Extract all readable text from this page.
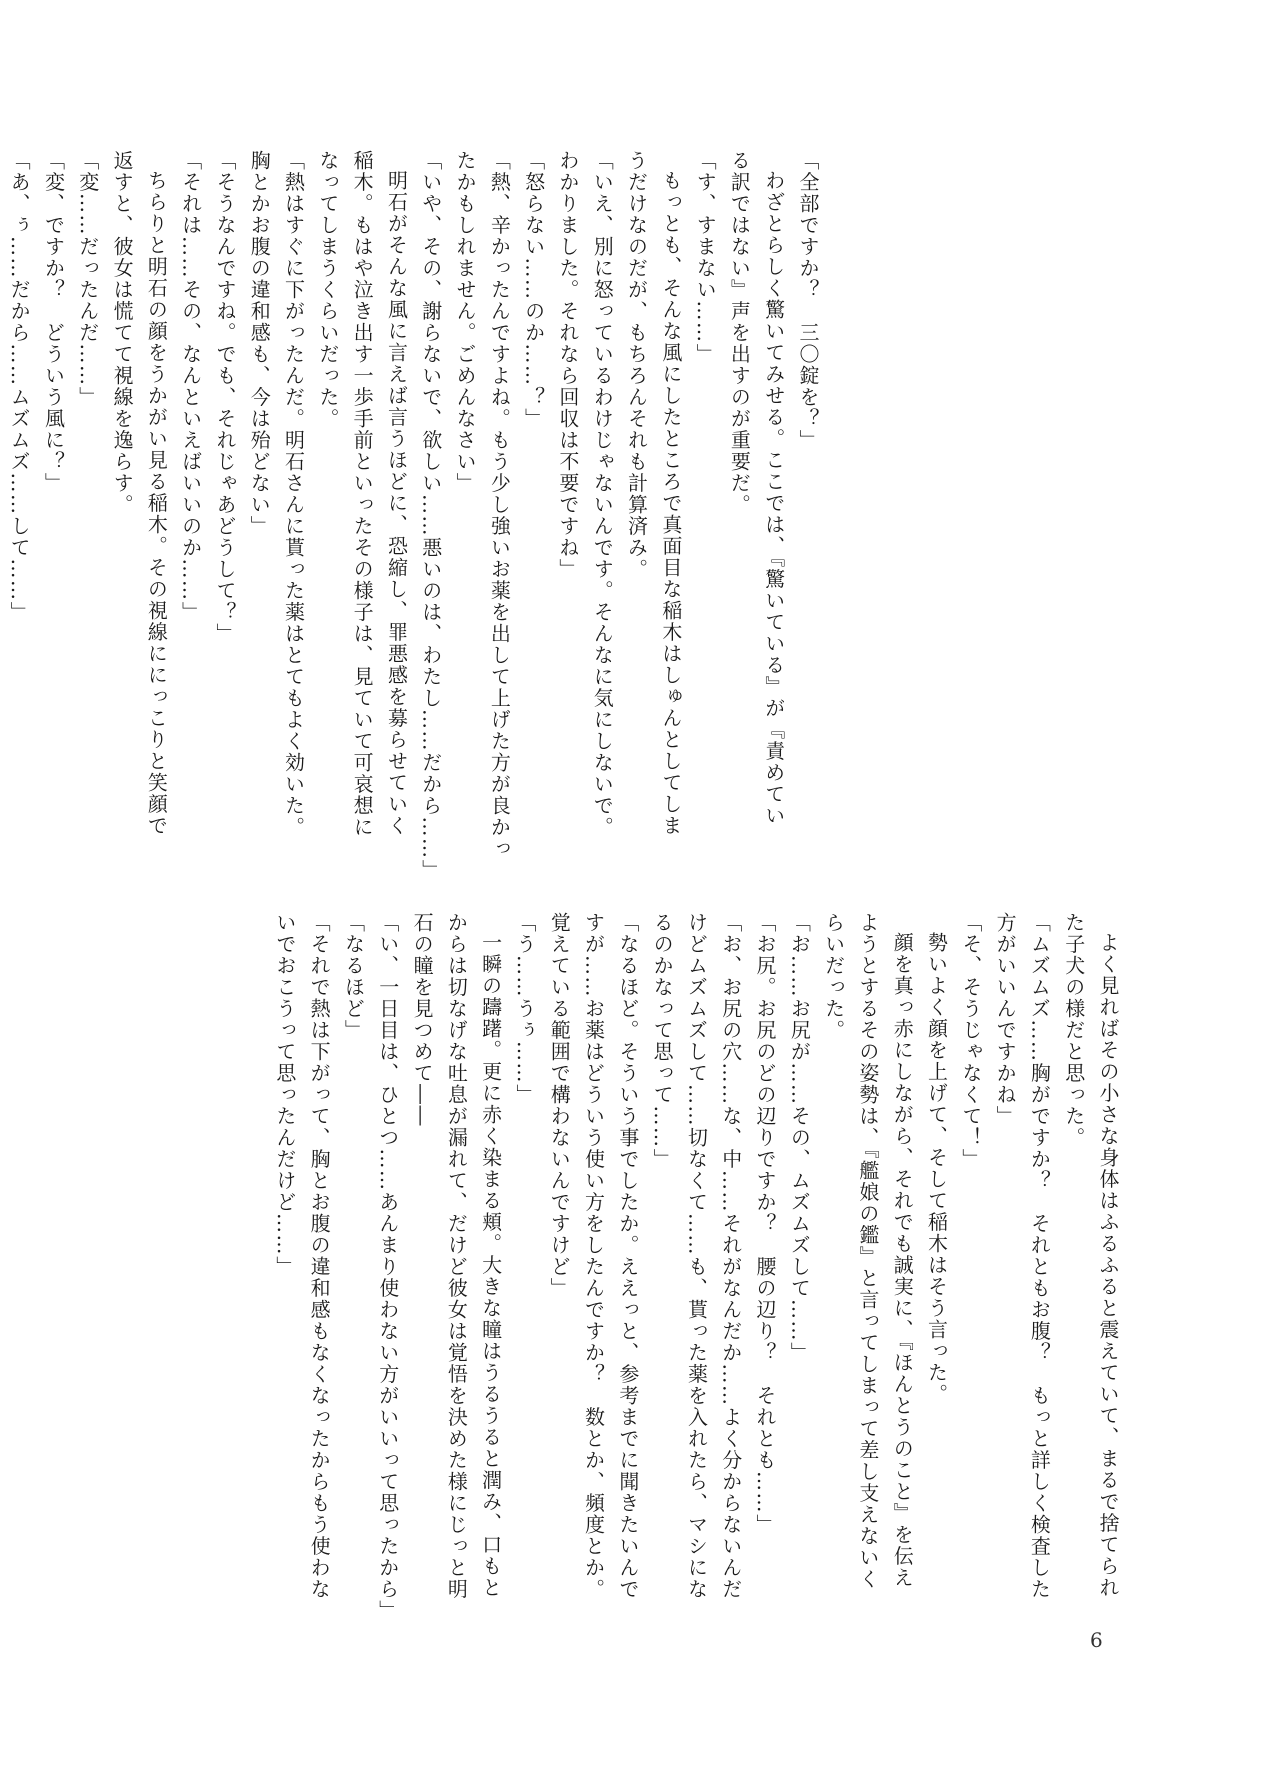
「全部ですか？　三〇錠を？」
わざとらしく驚いてみせる。ここでは、『驚いている』が『責めてい
る訳ではない』声を出すのが重要だ。
「す、すまない……」
もっとも、そんな風にしたところで真面目な稲木はしゅんとしてしま
うだけなのだが、もちろんそれも計算済み。
「いえ、別に怒っているわけじゃないんです。そんなに気にしないで。
わかりました。それなら回収は不要ですね」
「怒らない……のか……？」
「熱、辛かったんですよね。もう少し強いお薬を出して上げた方が良かっ
たかもしれません。ごめんなさい」
「いや、その、謝らないで、欲しい……悪いのは、わたし……だから……」
明石がそんな風に言えば言うほどに、恐縮し、罪悪感を募らせていく
稲木。もはや泣き出す一歩手前といったその様子は、見ていて可哀想に
なってしまうくらいだった。
「熱はすぐに下がったんだ。明石さんに貰った薬はとてもよく効いた。
胸とかお腹の違和感も、今は殆どない」
「そうなんですね。でも、それじゃあどうして？」
「それは……その、なんといえばいいのか……」
ちらりと明石の顔をうかがい見る稲木。その視線ににっこりと笑顔で
返すと、彼女は慌てて視線を逸らす。
「変……だったんだ……」
「変、ですか？　どういう風に？」
「あ、ぅ……だから……ムズムズ……して……」
よく見ればその小さな身体はふるふると震えていて、まるで捨てられ
た子犬の様だと思った。
「ムズムズ……胸がですか？　それともお腹？　もっと詳しく検査した
方がいいんですかね」
「そ、そうじゃなくて！」
勢いよく顔を上げて、そして稲木はそう言った。
顔を真っ赤にしながら、それでも誠実に、『ほんとうのこと』を伝え
ようとするその姿勢は、『艦娘の鑑』と言ってしまって差し支えないく
らいだった。
「お……お尻が……その、ムズムズして……」
「お尻。お尻のどの辺りですか？　腰の辺り？　それとも……」
「お、お尻の穴……な、中……それがなんだか……よく分からないんだ
けどムズムズして……切なくて……も、貰った薬を入れたら、マシにな
るのかなって思って……」
「なるほど。そういう事でしたか。ええっと、参考までに聞きたいんで
すが……お薬はどういう使い方をしたんですか？　数とか、頻度とか。
覚えている範囲で構わないんですけど」
「う……うぅ……」
一瞬の躊躇。更に赤く染まる頬。大きな瞳はうるうると潤み、口もと
からは切なげな吐息が漏れて、だけど彼女は覚悟を決めた様にじっと明
石の瞳を見つめて――
「い、一日目は、ひとつ……あんまり使わない方がいいって思ったから」
「なるほど」
「それで熱は下がって、胸とお腹の違和感もなくなったからもう使わな
いでおこうって思ったんだけど……」
6
